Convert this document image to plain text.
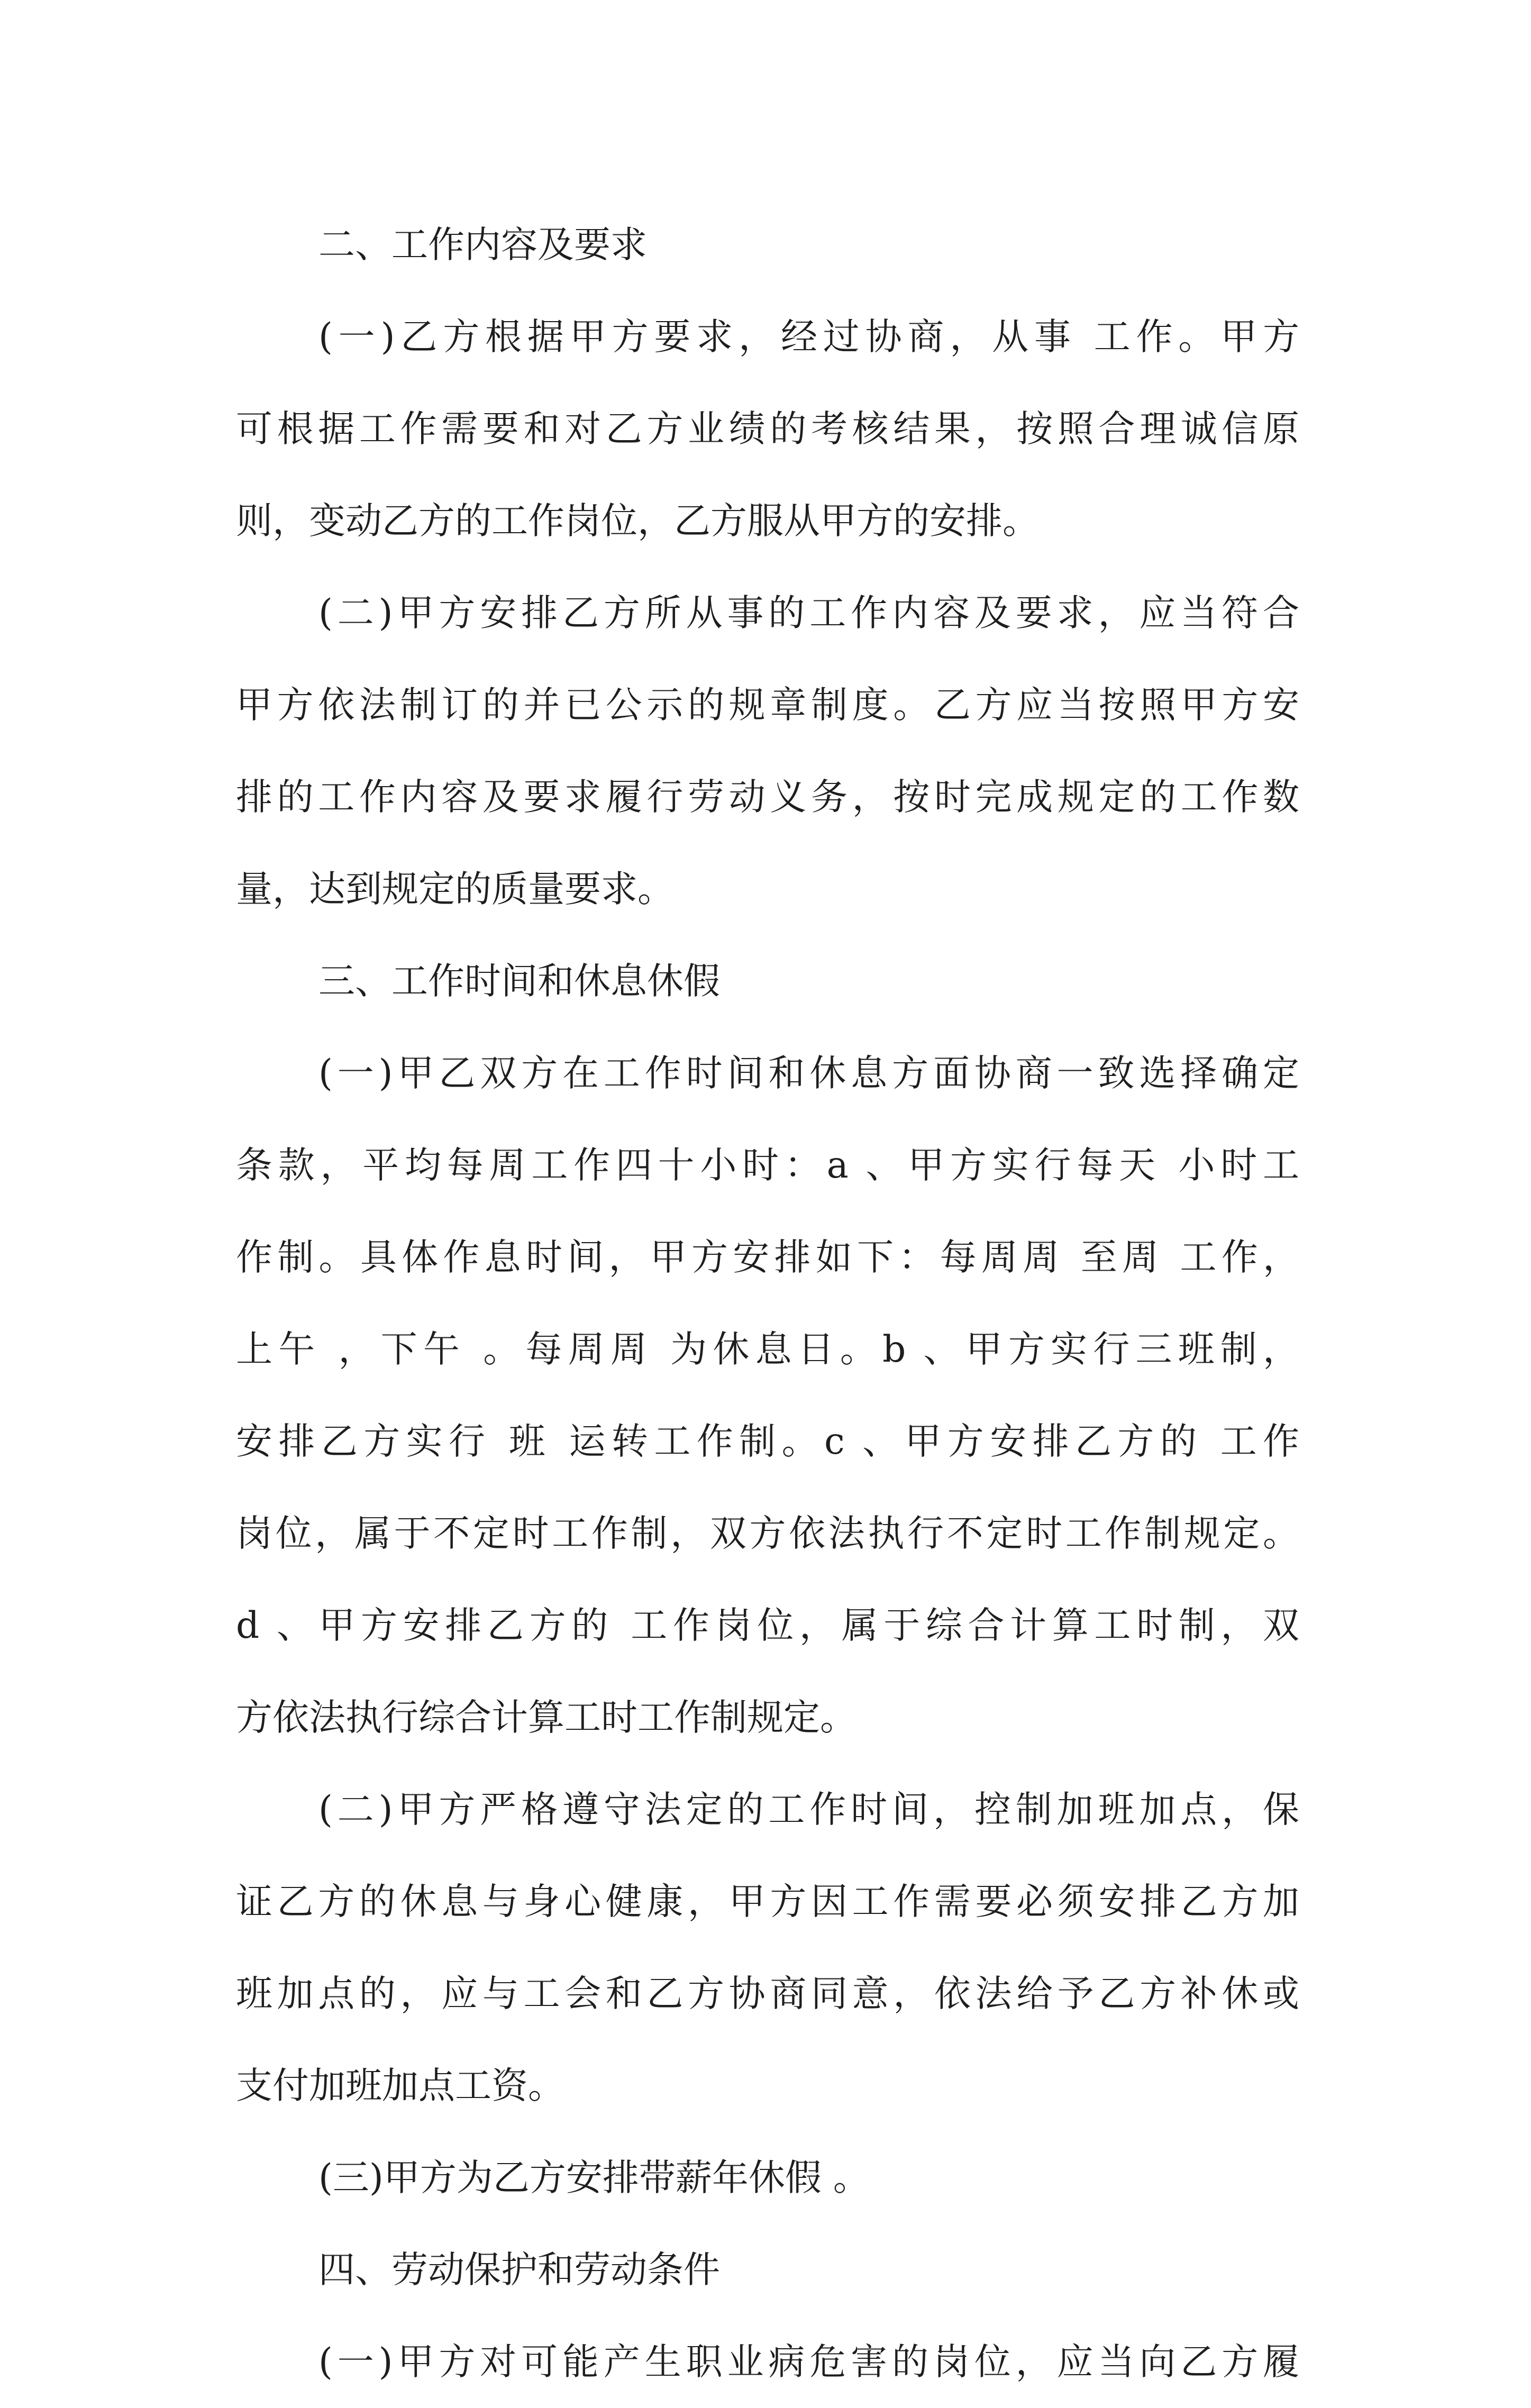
二、工作内容及要求
(一)乙方根据甲方要求，经过协商，从事 工作。甲方
可根据工作需要和对乙方业绩的考核结果，按照合理诚信原
则，变动乙方的工作岗位，乙方服从甲方的安排。
(二)甲方安排乙方所从事的工作内容及要求，应当符合
甲方依法制订的并已公示的规章制度。乙方应当按照甲方安
排的工作内容及要求履行劳动义务，按时完成规定的工作数
量，达到规定的质量要求。
三、工作时间和休息休假
(一)甲乙双方在工作时间和休息方面协商一致选择确定
条款，平均每周工作四十小时：a 、甲方实行每天 小时工
作制。具体作息时间，甲方安排如下：每周周 至周 工作，
上午 ，下午 。每周周 为休息日。b 、甲方实行三班制，
安排乙方实行 班 运转工作制。c 、甲方安排乙方的 工作
岗位，属于不定时工作制，双方依法执行不定时工作制规定。
d 、甲方安排乙方的 工作岗位，属于综合计算工时制，双
方依法执行综合计算工时工作制规定。
(二)甲方严格遵守法定的工作时间，控制加班加点，保
证乙方的休息与身心健康，甲方因工作需要必须安排乙方加
班加点的，应与工会和乙方协商同意，依法给予乙方补休或
支付加班加点工资。
(三)甲方为乙方安排带薪年休假 。
四、劳动保护和劳动条件
(一)甲方对可能产生职业病危害的岗位，应当向乙方履
